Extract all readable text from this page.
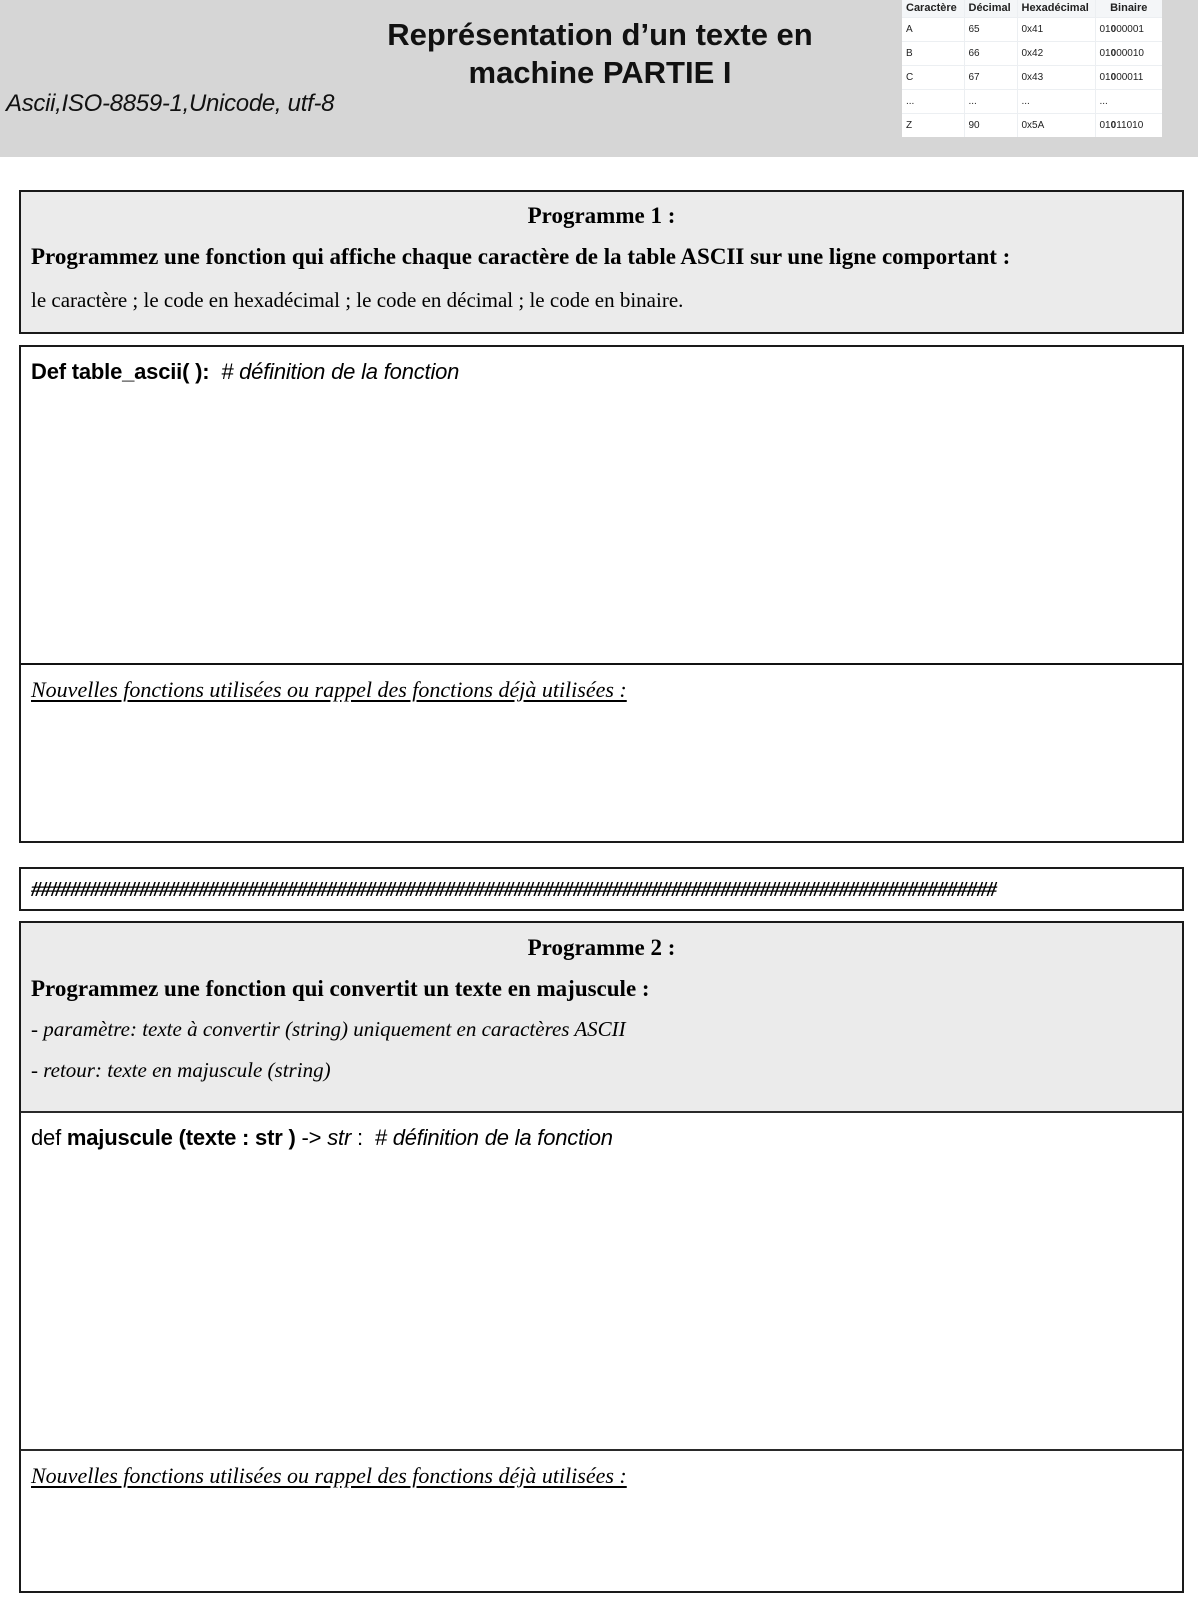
Représentation d’un texte en machine PARTIE I
Ascii,ISO-8859-1,Unicode, utf-8
Caractère	Décimal	Hexadécimal	Binaire
A	65	0x41	01000001
B	66	0x42	01000010
C	67	0x43	01000011
...	...	...	...
Z	90	0x5A	01011010
Programme 1 :
Programmez une fonction qui affiche chaque caractère de la table ASCII sur une ligne comportant :
le caractère ; le code en hexadécimal ; le code en décimal ; le code en binaire.
Def table_ascii( ): # définition de la fonction
Nouvelles fonctions utilisées ou rappel des fonctions déjà utilisées :
##################################################################################################
Programme 2 :
Programmez une fonction qui convertit un texte en majuscule :
- paramètre: texte à convertir (string) uniquement en caractères ASCII
- retour: texte en majuscule (string)
def majuscule (texte : str ) -> str : # définition de la fonction
Nouvelles fonctions utilisées ou rappel des fonctions déjà utilisées :
